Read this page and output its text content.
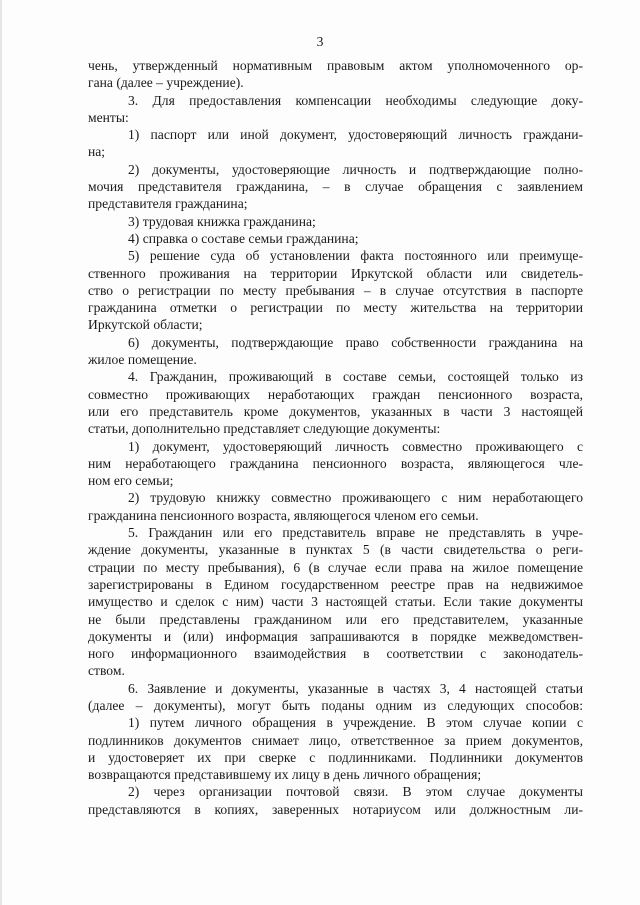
3
чень, утвержденный нормативным правовым актом уполномоченного ор-
гана (далее – учреждение).
3. Для предоставления компенсации необходимы следующие доку-
менты:
1) паспорт или иной документ, удостоверяющий личность граждани-
на;
2) документы, удостоверяющие личность и подтверждающие полно-
мочия представителя гражданина, – в случае обращения с заявлением
представителя гражданина;
3) трудовая книжка гражданина;
4) справка о составе семьи гражданина;
5) решение суда об установлении факта постоянного или преимуще-
ственного проживания на территории Иркутской области или свидетель-
ство о регистрации по месту пребывания – в случае отсутствия в паспорте
гражданина отметки о регистрации по месту жительства на территории
Иркутской области;
6) документы, подтверждающие право собственности гражданина на
жилое помещение.
4. Гражданин, проживающий в составе семьи, состоящей только из
совместно проживающих неработающих граждан пенсионного возраста,
или его представитель кроме документов, указанных в части 3 настоящей
статьи, дополнительно представляет следующие документы:
1) документ, удостоверяющий личность совместно проживающего с
ним неработающего гражданина пенсионного возраста, являющегося чле-
ном его семьи;
2) трудовую книжку совместно проживающего с ним неработающего
гражданина пенсионного возраста, являющегося членом его семьи.
5. Гражданин или его представитель вправе не представлять в учре-
ждение документы, указанные в пунктах 5 (в части свидетельства о реги-
страции по месту пребывания), 6 (в случае если права на жилое помещение
зарегистрированы в Едином государственном реестре прав на недвижимое
имущество и сделок с ним) части 3 настоящей статьи. Если такие документы
не были представлены гражданином или его представителем, указанные
документы и (или) информация запрашиваются в порядке межведомствен-
ного информационного взаимодействия в соответствии с законодатель-
ством.
6. Заявление и документы, указанные в частях 3, 4 настоящей статьи
(далее – документы), могут быть поданы одним из следующих способов:
1) путем личного обращения в учреждение. В этом случае копии с
подлинников документов снимает лицо, ответственное за прием документов,
и удостоверяет их при сверке с подлинниками. Подлинники документов
возвращаются представившему их лицу в день личного обращения;
2) через организации почтовой связи. В этом случае документы
представляются в копиях, заверенных нотариусом или должностным ли-
